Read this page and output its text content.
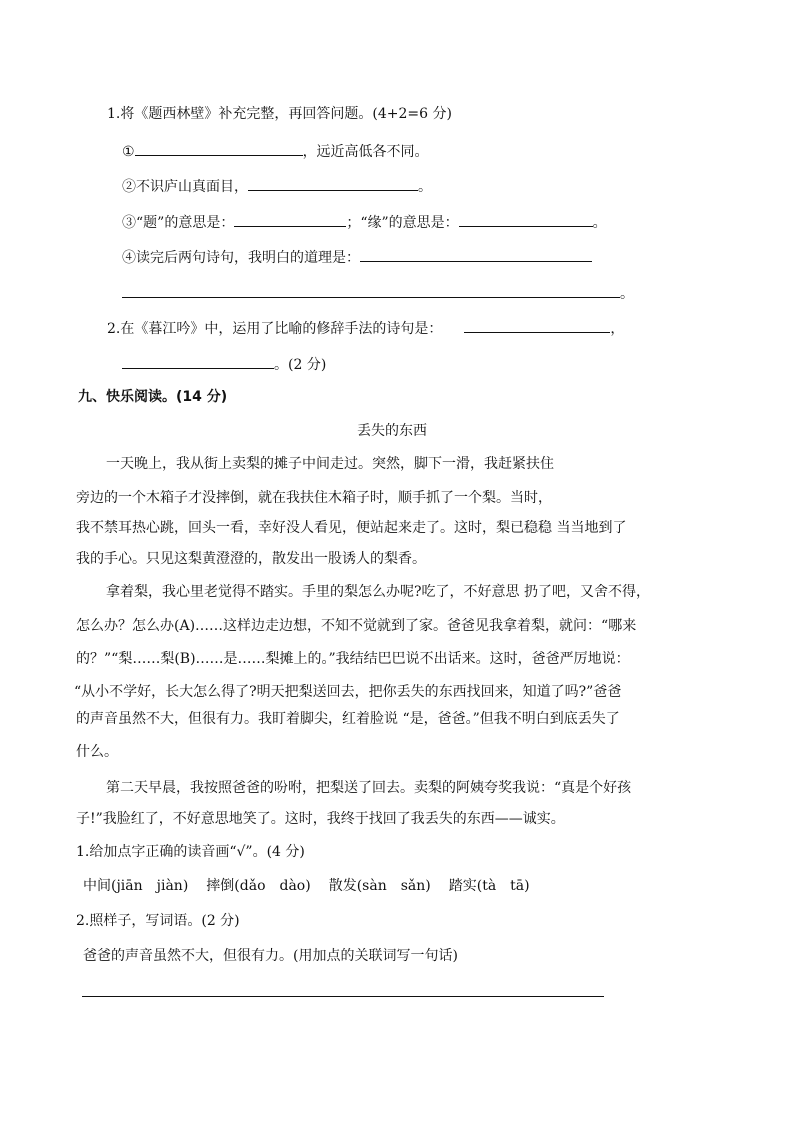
1.将《题西林壁》补充完整，再回答问题。(4+2=6 分)
①	，远近高低各不同。
②不识庐山真面目，	。
③“题”的意思是：	；“缘”的意思是：	。
④读完后两句诗句，我明白的道理是：
。
2.在《暮江吟》中，运用了比喻的修辞手法的诗句是：	，
。(2 分)
九、快乐阅读。(14 分)
丢失的东西
一天晚上，我从街上卖梨的摊子中间走过。突然，脚下一滑，我赶紧扶住
旁边的一个木箱子才没摔倒，就在我扶住木箱子时，顺手抓了一个梨。当时，
我不禁耳热心跳，回头一看，幸好没人看见，便站起来走了。这时，梨已稳稳 当当地到了
我的手心。只见这梨黄澄澄的，散发出一股诱人的梨香。
拿着梨，我心里老觉得不踏实。手里的梨怎么办呢?吃了，不好意思 扔了吧，又舍不得，
怎么办？怎么办(A)……这样边走边想，不知不觉就到了家。爸爸见我拿着梨，就问：“哪来
的？”“梨……梨(B)……是……梨摊上的。”我结结巴巴说不出话来。这时，爸爸严厉地说：
“从小不学好，长大怎么得了?明天把梨送回去，把你丢失的东西找回来，知道了吗?”爸爸
的声音虽然不大，但很有力。我盯着脚尖，红着脸说 “是，爸爸。”但我不明白到底丢失了
什么。
第二天早晨，我按照爸爸的吩咐，把梨送了回去。卖梨的阿姨夸奖我说：“真是个好孩
子!”我脸红了，不好意思地笑了。这时，我终于找回了我丢失的东西——诚实。
1.给加点字正确的读音画“√”。(4 分)
中间(jiān　jiàn) 摔倒(dǎo　dào) 散发(sàn　sǎn) 踏实(tà　tā)
2.照样子，写词语。(2 分)
爸爸的声音虽然不大，但很有力。(用加点的关联词写一句话)
